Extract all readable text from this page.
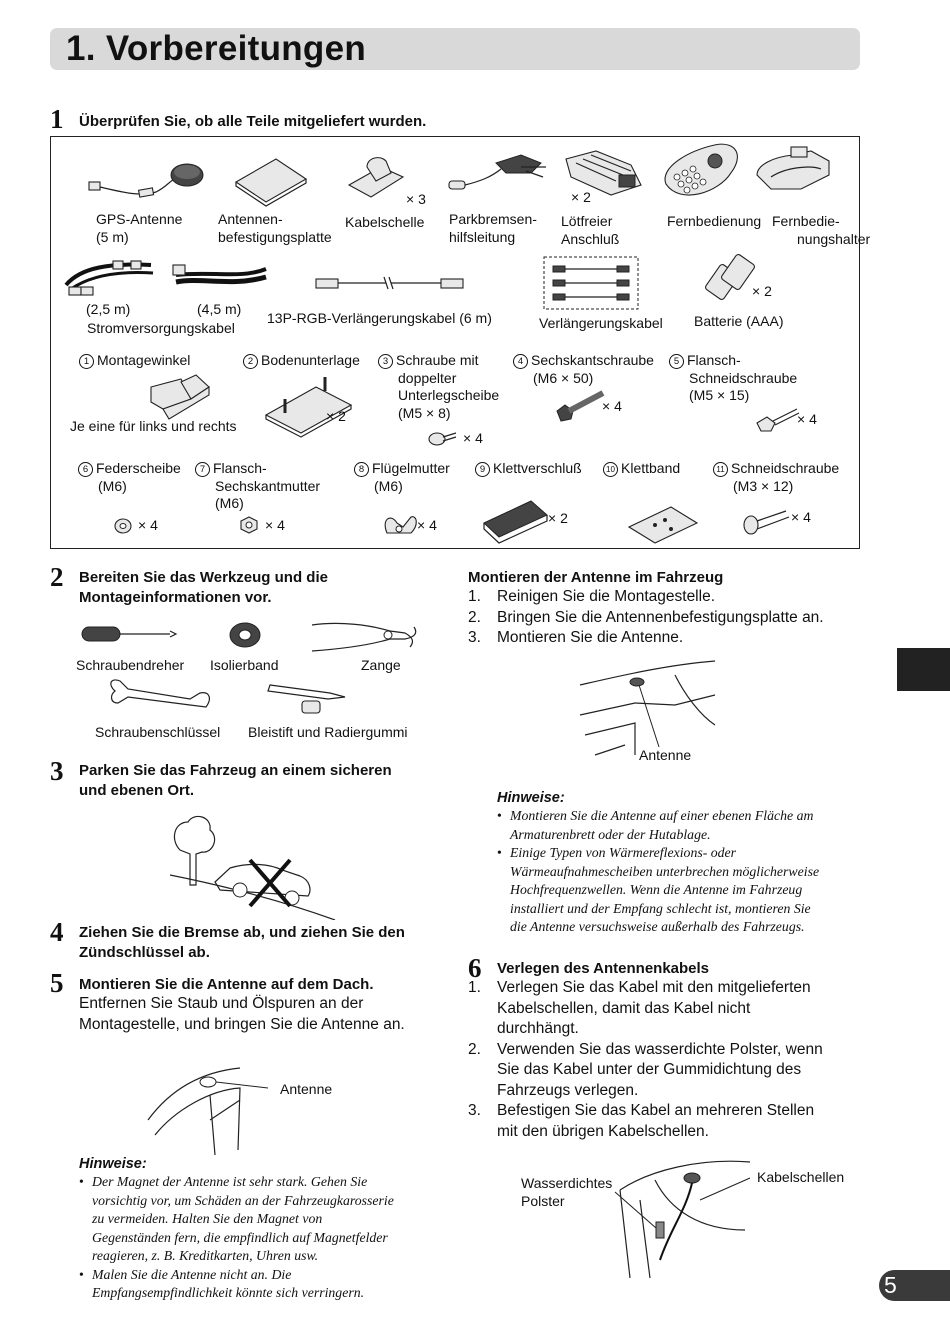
1. Vorbereitungen
1 Überprüfen Sie, ob alle Teile mitgeliefert wurden.
GPS-Antenne
(5 m)
Antennen-
befestigungsplatte
Kabelschelle
× 3
Parkbremsen-
hilfsleitung
× 2
Lötfreier
Anschluß
Fernbedienung Fernbedie-
nungshalter
(2,5 m)	(4,5 m)
Stromversorgungskabel
13P-RGB-Verlängerungskabel (6 m)	Verlängerungskabel Batterie (AAA)
× 2
1 Montagewinkel
Je eine für links und rechts
2 Bodenunterlage
× 2
3 Schraube mit
doppelter
Unterlegscheibe
(M5 × 8)
× 4
4 Sechskantschraube
(M6 × 50)
× 4
5 Flansch-
Schneidschraube
(M5 × 15)
× 4
6 Federscheibe
(M6)
× 4
7 Flansch-
Sechskantmutter
(M6)
× 4
8 Flügelmutter
(M6)
× 4
9 Klettverschluß
× 2
10 Klettband	11 Schneidschraube
(M3 × 12)
× 4
2 Bereiten Sie das Werkzeug und die
Montageinformationen vor.
Schraubendreher Isolierband	Zange
Schraubenschlüssel Bleistift und Radiergummi
3 Parken Sie das Fahrzeug an einem sicheren
und ebenen Ort.
4 Ziehen Sie die Bremse ab, und ziehen Sie den
Zündschlüssel ab.
5 Montieren Sie die Antenne auf dem Dach.
Entfernen Sie Staub und Ölspuren an der
Montagestelle, und bringen Sie die Antenne an.
Antenne
Hinweise:
• Der Magnet der Antenne ist sehr stark. Gehen Sie
vorsichtig vor, um Schäden an der Fahrzeugkarosserie
zu vermeiden. Halten Sie den Magnet von
Gegenständen fern, die empfindlich auf Magnetfelder
reagieren, z. B. Kreditkarten, Uhren usw.
• Malen Sie die Antenne nicht an. Die
Empfangsempfindlichkeit könnte sich verringern.
Montieren der Antenne im Fahrzeug
1. Reinigen Sie die Montagestelle.
2. Bringen Sie die Antennenbefestigungsplatte an.
3. Montieren Sie die Antenne.
Antenne
Hinweise:
• Montieren Sie die Antenne auf einer ebenen Fläche am
Armaturenbrett oder der Hutablage.
• Einige Typen von Wärmereflexions- oder
Wärmeaufnahmescheiben unterbrechen möglicherweise
Hochfrequenzwellen. Wenn die Antenne im Fahrzeug
installiert und der Empfang schlecht ist, montieren Sie
die Antenne versuchsweise außerhalb des Fahrzeugs.
6 Verlegen des Antennenkabels
1. Verlegen Sie das Kabel mit den mitgelieferten
Kabelschellen, damit das Kabel nicht
durchhängt.
2. Verwenden Sie das wasserdichte Polster, wenn
Sie das Kabel unter der Gummidichtung des
Fahrzeugs verlegen.
3. Befestigen Sie das Kabel an mehreren Stellen
mit den übrigen Kabelschellen.
Wasserdichtes
Polster
Kabelschellen
5
